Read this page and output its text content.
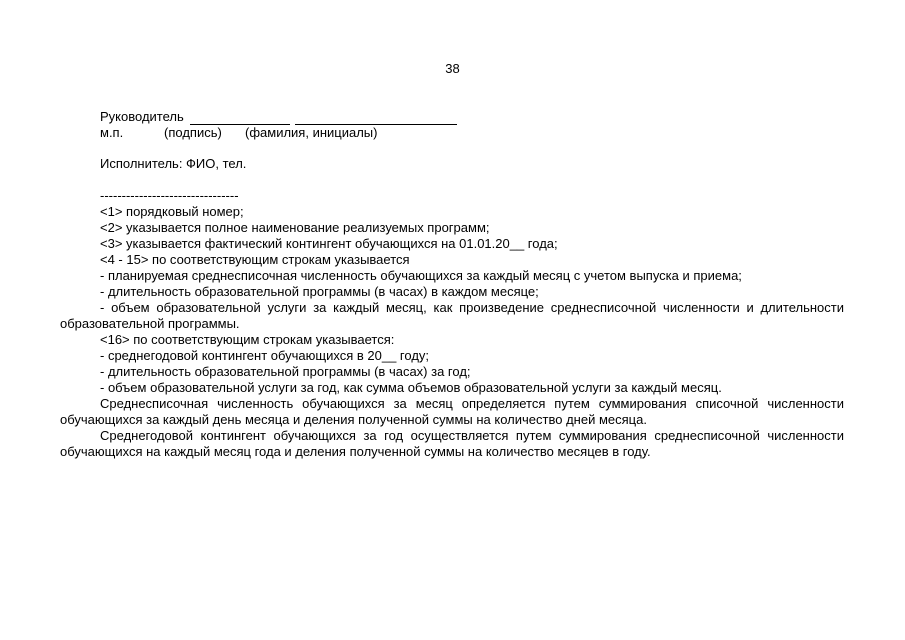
38
Руководитель
м.п.	(подпись) (фамилия, инициалы)
Исполнитель: ФИО, тел.
--------------------------------
<1> порядковый номер;
<2> указывается полное наименование реализуемых программ;
<3> указывается фактический контингент обучающихся на 01.01.20__ года;
<4 - 15> по соответствующим строкам указывается
- планируемая среднесписочная численность обучающихся за каждый месяц с учетом выпуска и приема;
- длительность образовательной программы (в часах) в каждом месяце;
- объем образовательной услуги за каждый месяц, как произведение среднесписочной численности и длительности образовательной программы.
<16> по соответствующим строкам указывается:
- среднегодовой контингент обучающихся в 20__ году;
- длительность образовательной программы (в часах) за год;
- объем образовательной услуги за год, как сумма объемов образовательной услуги за каждый месяц.
Среднесписочная численность обучающихся за месяц определяется путем суммирования списочной численности обучающихся за каждый день месяца и деления полученной суммы на количество дней месяца.
Среднегодовой контингент обучающихся за год осуществляется путем суммирования среднесписочной численности обучающихся на каждый месяц года и деления полученной суммы на количество месяцев в году.
